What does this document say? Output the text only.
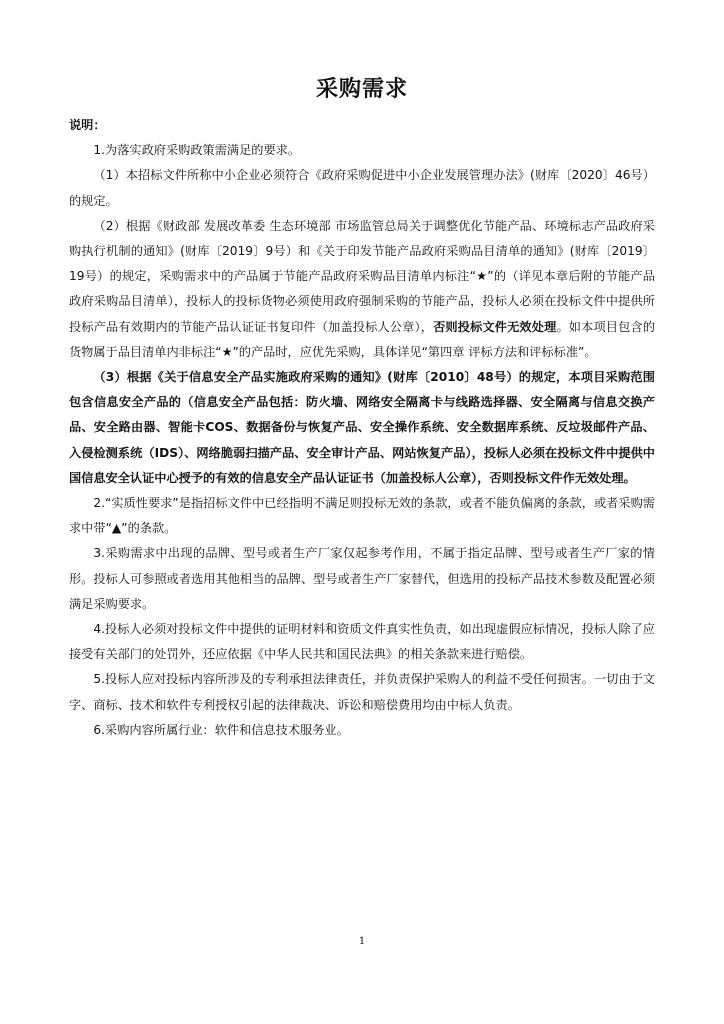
采购需求

说明：

1.为落实政府采购政策需满足的要求。

（1）本招标文件所称中小企业必须符合《政府采购促进中小企业发展管理办法》(财库〔2020〕46号）的规定。

（2）根据《财政部 发展改革委 生态环境部 市场监管总局关于调整优化节能产品、环境标志产品政府采购执行机制的通知》(财库〔2019〕9号）和《关于印发节能产品政府采购品目清单的通知》(财库〔2019〕19号）的规定，采购需求中的产品属于节能产品政府采购品目清单内标注“★”的（详见本章后附的节能产品政府采购品目清单），投标人的投标货物必须使用政府强制采购的节能产品，投标人必须在投标文件中提供所投标产品有效期内的节能产品认证证书复印件（加盖投标人公章），否则投标文件无效处理。如本项目包含的货物属于品目清单内非标注“★”的产品时，应优先采购，具体详见“第四章 评标方法和评标标准”。

（3）根据《关于信息安全产品实施政府采购的通知》(财库〔2010〕48号）的规定，本项目采购范围包含信息安全产品的（信息安全产品包括：防火墙、网络安全隔离卡与线路选择器、安全隔离与信息交换产品、安全路由器、智能卡COS、数据备份与恢复产品、安全操作系统、安全数据库系统、反垃圾邮件产品、入侵检测系统（IDS）、网络脆弱扫描产品、安全审计产品、网站恢复产品），投标人必须在投标文件中提供中国信息安全认证中心授予的有效的信息安全产品认证证书（加盖投标人公章），否则投标文件作无效处理。

2.“实质性要求”是指招标文件中已经指明不满足则投标无效的条款，或者不能负偏离的条款，或者采购需求中带“▲”的条款。

3.采购需求中出现的品牌、型号或者生产厂家仅起参考作用，不属于指定品牌、型号或者生产厂家的情形。投标人可参照或者选用其他相当的品牌、型号或者生产厂家替代，但选用的投标产品技术参数及配置必须满足采购要求。

4.投标人必须对投标文件中提供的证明材料和资质文件真实性负责，如出现虚假应标情况，投标人除了应接受有关部门的处罚外，还应依据《中华人民共和国民法典》的相关条款来进行赔偿。

5.投标人应对投标内容所涉及的专利承担法律责任，并负责保护采购人的利益不受任何损害。一切由于文字、商标、技术和软件专利授权引起的法律裁决、诉讼和赔偿费用均由中标人负责。

6.采购内容所属行业：软件和信息技术服务业。

1
